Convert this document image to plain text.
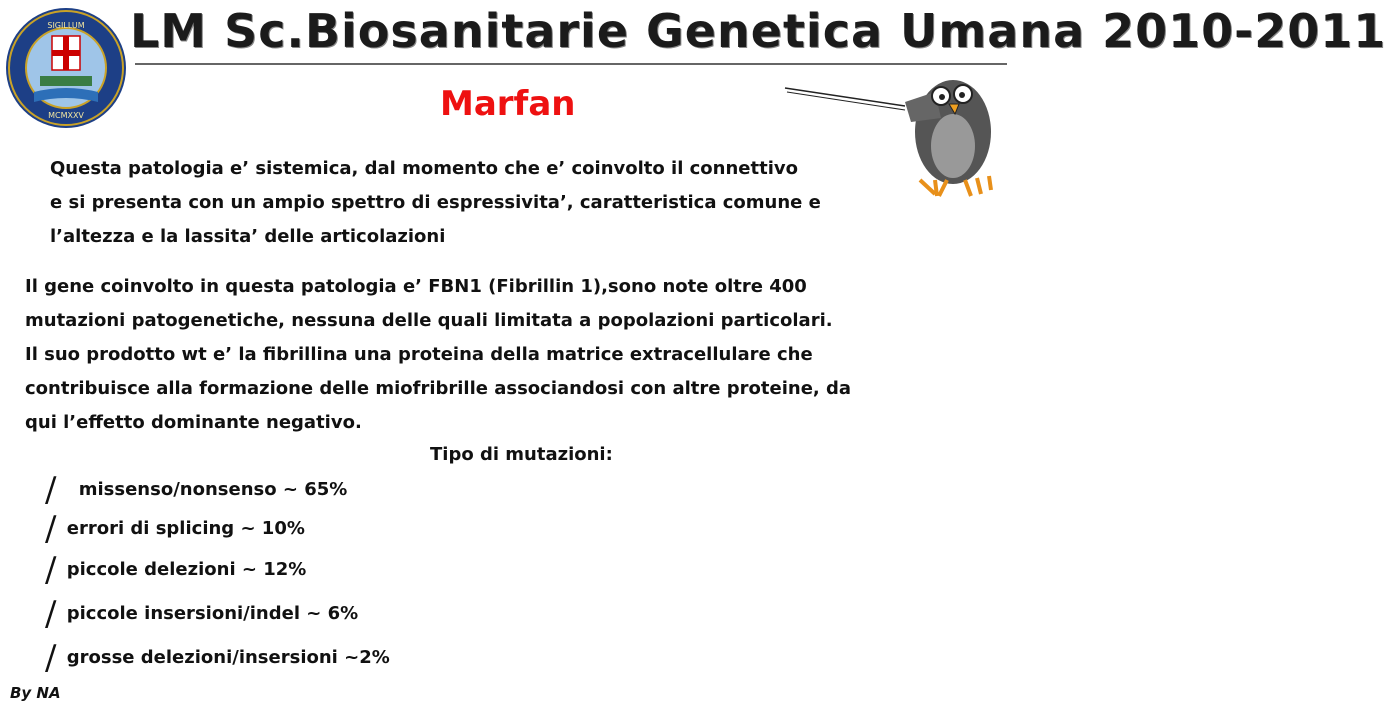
SIGILLUM
MCMXXV
LM Sc.Biosanitarie Genetica Umana 2010-2011
Marfan
Questa patologia e’ sistemica, dal momento che e’ coinvolto il connettivo
e si presenta con un ampio spettro di espressivita’, caratteristica comune e
l’altezza e la lassita’ delle articolazioni
Il gene coinvolto in questa patologia e’ FBN1 (Fibrillin 1),sono note oltre 400
mutazioni patogenetiche, nessuna delle quali limitata a popolazioni particolari.
Il suo prodotto wt e’ la fibrillina una proteina della matrice extracellulare che
contribuisce alla formazione delle miofribrille associandosi con altre proteine, da
qui l’effetto dominante negativo.
Tipo di mutazioni:
/ missenso/nonsenso ~ 65%
/ errori di splicing ~ 10%
/ piccole delezioni ~ 12%
/ piccole insersioni/indel ~ 6%
/ grosse delezioni/insersioni ~2%
By NA
